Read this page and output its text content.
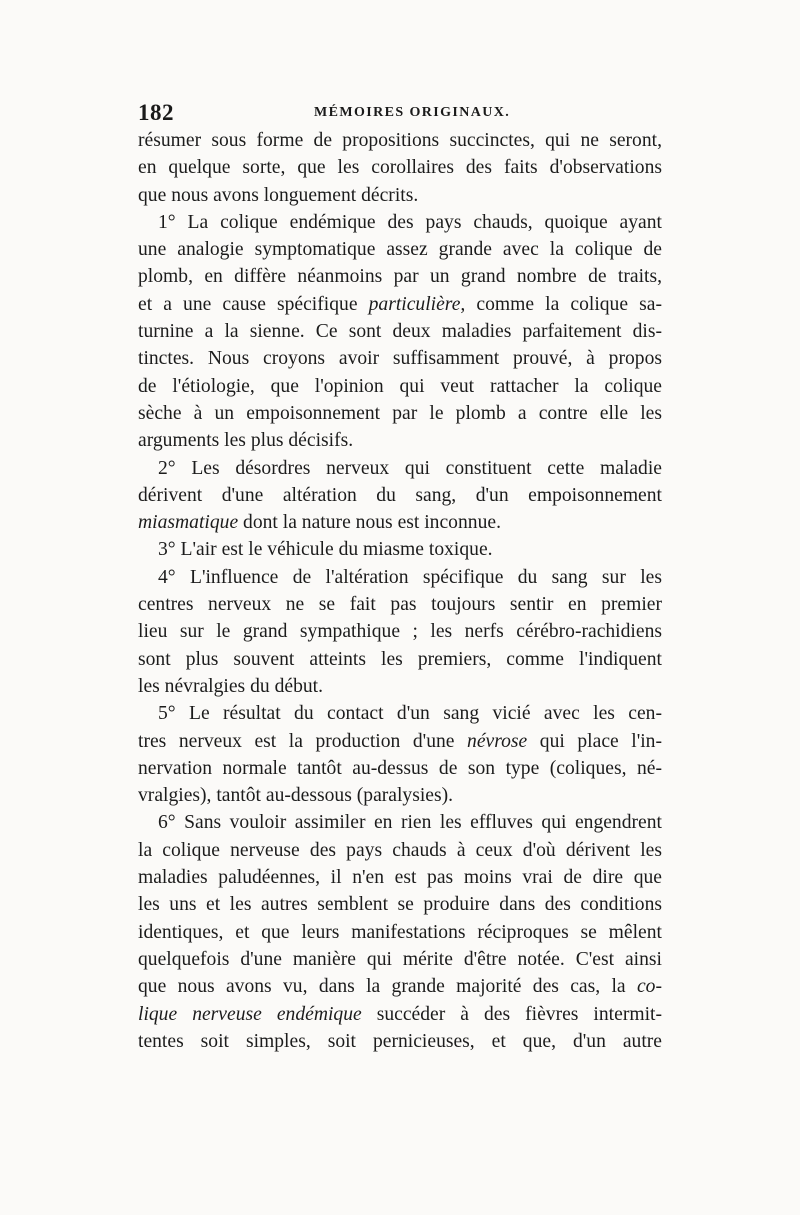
182	MÉMOIRES ORIGINAUX.
résumer sous forme de propositions succinctes, qui ne seront,
en quelque sorte, que les corollaires des faits d'observations
que nous avons longuement décrits.
1° La colique endémique des pays chauds, quoique ayant
une analogie symptomatique assez grande avec la colique de
plomb, en diffère néanmoins par un grand nombre de traits,
et a une cause spécifique particulière, comme la colique sa-
turnine a la sienne. Ce sont deux maladies parfaitement dis-
tinctes. Nous croyons avoir suffisamment prouvé, à propos
de l'étiologie, que l'opinion qui veut rattacher la colique
sèche à un empoisonnement par le plomb a contre elle les
arguments les plus décisifs.
2° Les désordres nerveux qui constituent cette maladie
dérivent d'une altération du sang, d'un empoisonnement
miasmatique dont la nature nous est inconnue.
3° L'air est le véhicule du miasme toxique.
4° L'influence de l'altération spécifique du sang sur les
centres nerveux ne se fait pas toujours sentir en premier
lieu sur le grand sympathique ; les nerfs cérébro-rachidiens
sont plus souvent atteints les premiers, comme l'indiquent
les névralgies du début.
5° Le résultat du contact d'un sang vicié avec les cen-
tres nerveux est la production d'une névrose qui place l'in-
nervation normale tantôt au-dessus de son type (coliques, né-
vralgies), tantôt au-dessous (paralysies).
6° Sans vouloir assimiler en rien les effluves qui engendrent
la colique nerveuse des pays chauds à ceux d'où dérivent les
maladies paludéennes, il n'en est pas moins vrai de dire que
les uns et les autres semblent se produire dans des conditions
identiques, et que leurs manifestations réciproques se mêlent
quelquefois d'une manière qui mérite d'être notée. C'est ainsi
que nous avons vu, dans la grande majorité des cas, la co-
lique nerveuse endémique succéder à des fièvres intermit-
tentes soit simples, soit pernicieuses, et que, d'un autre
